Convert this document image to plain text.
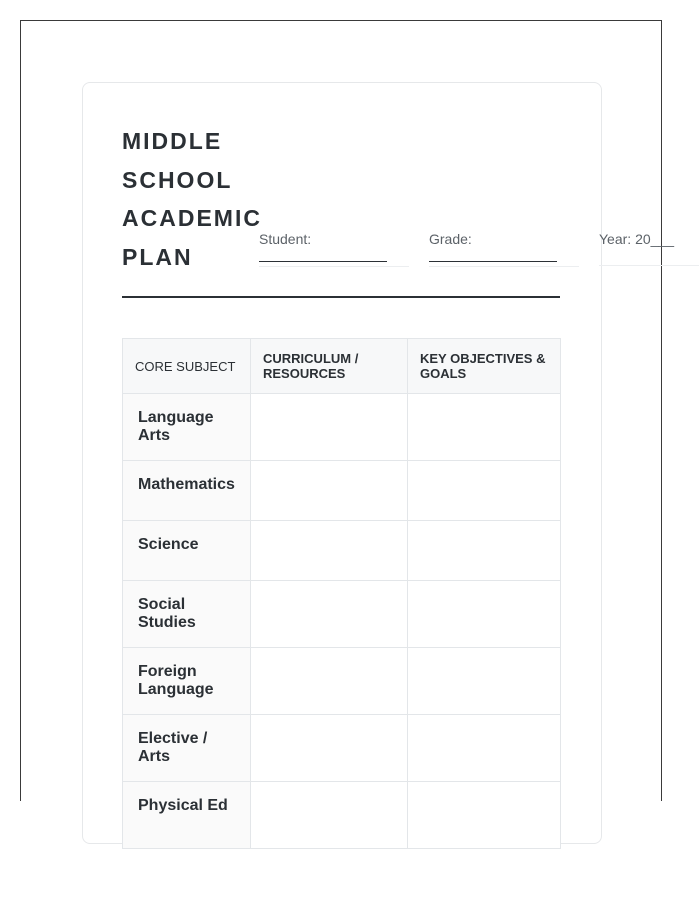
MIDDLE
SCHOOL
ACADEMIC
PLAN
Student:	Grade:	Year: 20___
CORE SUBJECT	CURRICULUM / RESOURCES	KEY OBJECTIVES & GOALS

Language Arts		

Mathematics		

Science		

Social Studies		

Foreign Language		

Elective / Arts		

Physical Ed		
